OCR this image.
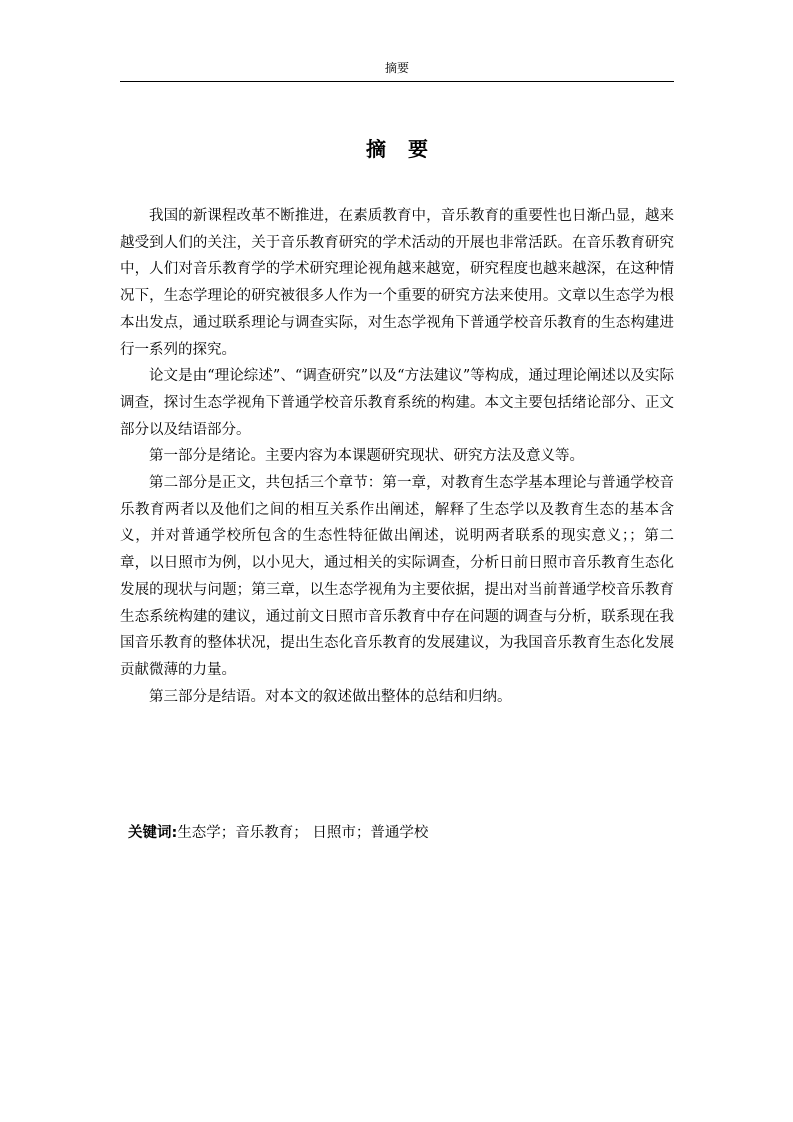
摘要
摘要

我国的新课程改革不断推进，在素质教育中，音乐教育的重要性也日渐凸显，越来越受到人们的关注，关于音乐教育研究的学术活动的开展也非常活跃。在音乐教育研究中，人们对音乐教育学的学术研究理论视角越来越宽，研究程度也越来越深，在这种情况下，生态学理论的研究被很多人作为一个重要的研究方法来使用。文章以生态学为根本出发点，通过联系理论与调查实际，对生态学视角下普通学校音乐教育的生态构建进行一系列的探究。

论文是由“理论综述”、“调查研究”以及“方法建议”等构成，通过理论阐述以及实际调查，探讨生态学视角下普通学校音乐教育系统的构建。本文主要包括绪论部分、正文部分以及结语部分。

第一部分是绪论。主要内容为本课题研究现状、研究方法及意义等。

第二部分是正文，共包括三个章节：第一章，对教育生态学基本理论与普通学校音乐教育两者以及他们之间的相互关系作出阐述，解释了生态学以及教育生态的基本含义，并对普通学校所包含的生态性特征做出阐述，说明两者联系的现实意义；；第二章，以日照市为例，以小见大，通过相关的实际调查，分析日前日照市音乐教育生态化发展的现状与问题；第三章，以生态学视角为主要依据，提出对当前普通学校音乐教育生态系统构建的建议，通过前文日照市音乐教育中存在问题的调查与分析，联系现在我国音乐教育的整体状况，提出生态化音乐教育的发展建议，为我国音乐教育生态化发展贡献微薄的力量。

第三部分是结语。对本文的叙述做出整体的总结和归纳。

关键词:生态学；音乐教育； 日照市；普通学校
